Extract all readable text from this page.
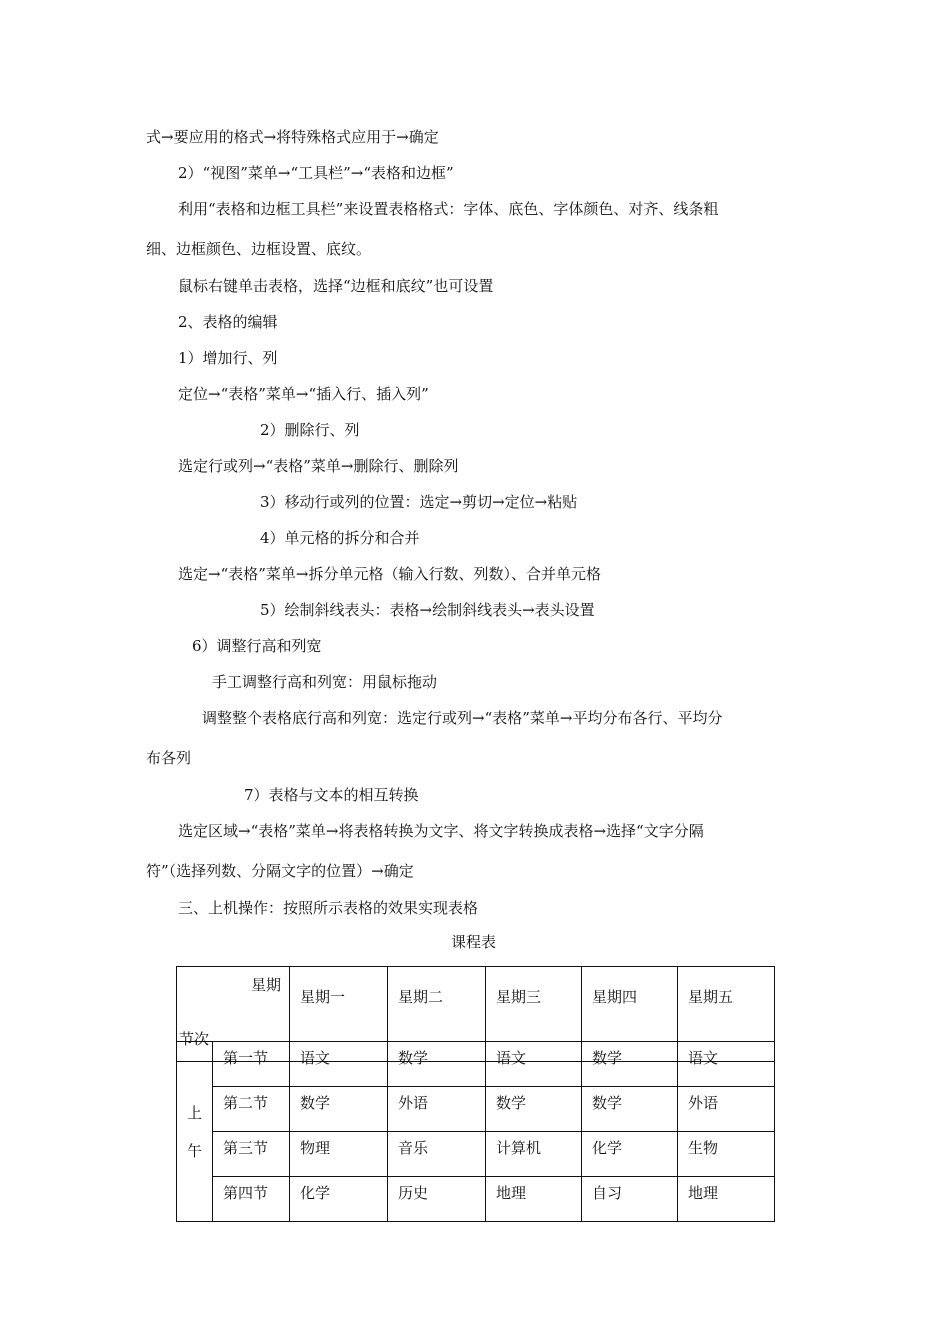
式→要应用的格式→将特殊格式应用于→确定
2）“视图”菜单→“工具栏”→“表格和边框”
利用“表格和边框工具栏”来设置表格格式：字体、底色、字体颜色、对齐、线条粗
细、边框颜色、边框设置、底纹。
鼠标右键单击表格，选择“边框和底纹”也可设置
2、表格的编辑
1）增加行、列
定位→“表格”菜单→“插入行、插入列”
2）删除行、列
选定行或列→“表格”菜单→删除行、删除列
3）移动行或列的位置：选定→剪切→定位→粘贴
4）单元格的拆分和合并
选定→“表格”菜单→拆分单元格（输入行数、列数）、合并单元格
5）绘制斜线表头：表格→绘制斜线表头→表头设置
6）调整行高和列宽
手工调整行高和列宽：用鼠标拖动
调整整个表格底行高和列宽：选定行或列→“表格”菜单→平均分布各行、平均分
布各列
7）表格与文本的相互转换
选定区域→“表格”菜单→将表格转换为文字、将文字转换成表格→选择“文字分隔
符”（选择列数、分隔文字的位置）→确定
三、上机操作：按照所示表格的效果实现表格
课程表
星期
节次
	星期一	星期二	星期三	星期四	星期五
上
午	第一节	语文	数学	语文	数学	语文
	第二节	数学	外语	数学	数学	外语
	第三节	物理	音乐	计算机	化学	生物
	第四节	化学	历史	地理	自习	地理
